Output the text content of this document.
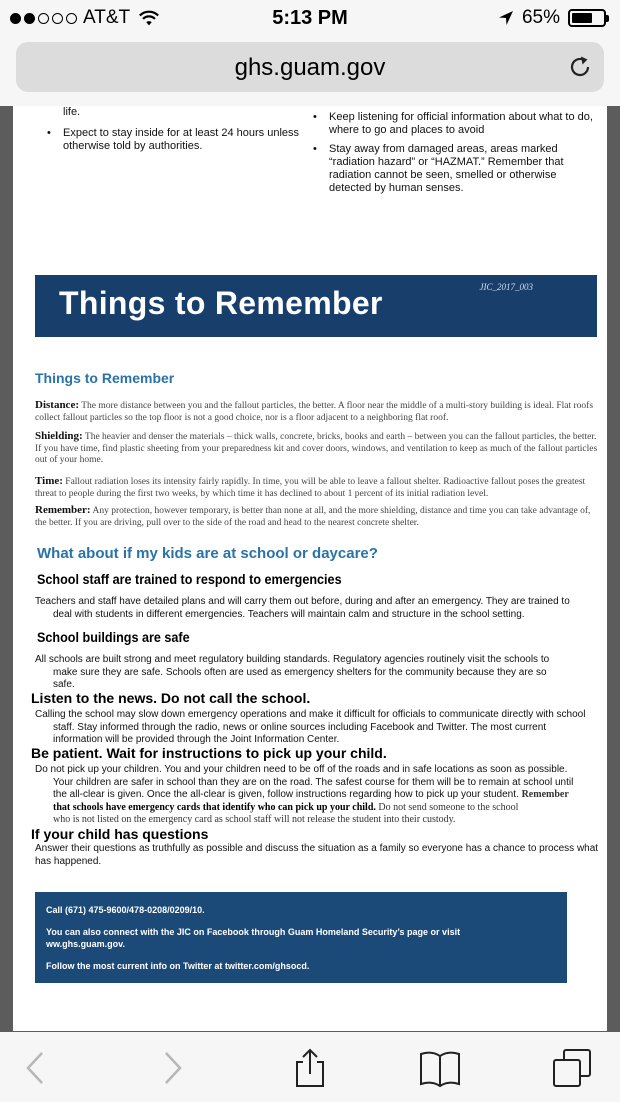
AT&T	5:13 PM	65%
ghs.guam.gov
life.
• Expect to stay inside for at least 24 hours unless
otherwise told by authorities.
• Keep listening for official information about what to do, where to go and places to avoid
• Stay away from damaged areas, areas marked “radiation hazard” or “HAZMAT.” Remember that radiation cannot be seen, smelled or otherwise detected by human senses.
Things to Remember	JIC_2017_003
Things to Remember
Distance: The more distance between you and the fallout particles, the better. A floor near the middle of a multi-story building is ideal. Flat roofs collect fallout particles so the top floor is not a good choice, nor is a floor adjacent to a neighboring flat roof.
Shielding: The heavier and denser the materials – thick walls, concrete, bricks, books and earth – between you can the fallout particles, the better. If you have time, find plastic sheeting from your preparedness kit and cover doors, windows, and ventilation to keep as much of the fallout particles out of your home.
Time: Fallout radiation loses its intensity fairly rapidly. In time, you will be able to leave a fallout shelter. Radioactive fallout poses the greatest threat to people during the first two weeks, by which time it has declined to about 1 percent of its initial radiation level.
Remember: Any protection, however temporary, is better than none at all, and the more shielding, distance and time you can take advantage of, the better. If you are driving, pull over to the side of the road and head to the nearest concrete shelter.
What about if my kids are at school or daycare?
School staff are trained to respond to emergencies
Teachers and staff have detailed plans and will carry them out before, during and after an emergency. They are trained to
deal with students in different emergencies. Teachers will maintain calm and structure in the school setting.
School buildings are safe
All schools are built strong and meet regulatory building standards. Regulatory agencies routinely visit the schools to
make sure they are safe. Schools often are used as emergency shelters for the community because they are so
safe.
Listen to the news. Do not call the school.
Calling the school may slow down emergency operations and make it difficult for officials to communicate directly with school
staff. Stay informed through the radio, news or online sources including Facebook and Twitter. The most current
information will be provided through the Joint Information Center.
Be patient. Wait for instructions to pick up your child.
Do not pick up your children. You and your children need to be off of the roads and in safe locations as soon as possible.
Your children are safer in school than they are on the road. The safest course for them will be to remain at school until
the all-clear is given. Once the all-clear is given, follow instructions regarding how to pick up your student. Remember
that schools have emergency cards that identify who can pick up your child. Do not send someone to the school
who is not listed on the emergency card as school staff will not release the student into their custody.
If your child has questions
Answer their questions as truthfully as possible and discuss the situation as a family so everyone has a chance to process what
has happened.
Call (671) 475-9600/478-0208/0209/10.
You can also connect with the JIC on Facebook through Guam Homeland Security’s page or visit
ww.ghs.guam.gov.
Follow the most current info on Twitter at twitter.com/ghsocd.
